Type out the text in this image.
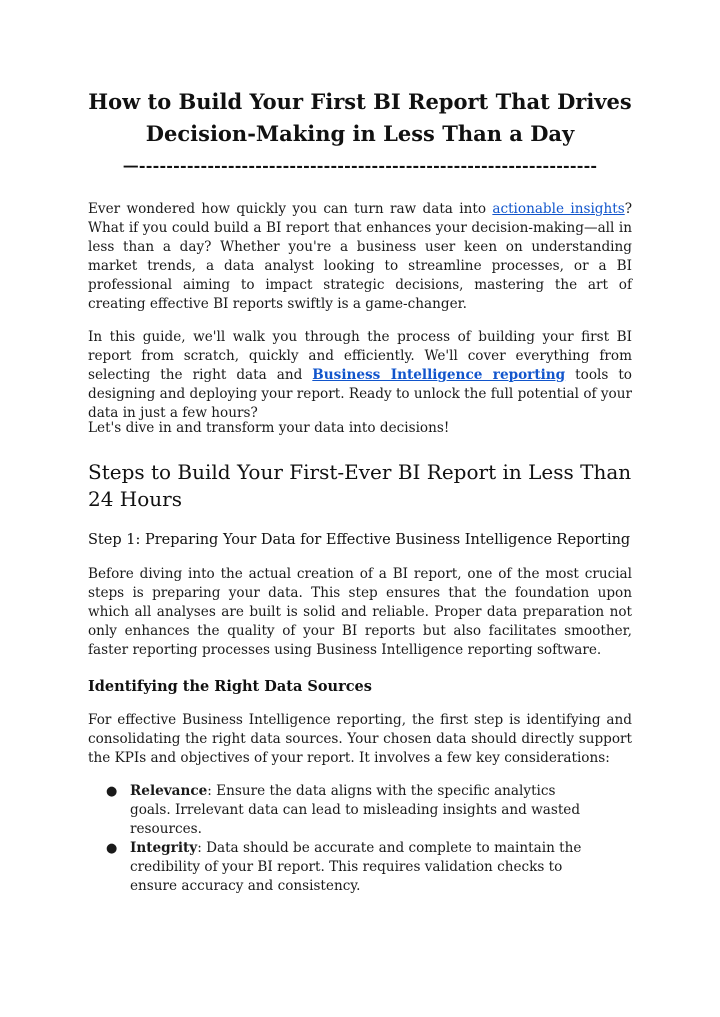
How to Build Your First BI Report That Drives Decision-Making in Less Than a Day
—-------------------------------------------------------------------

Ever wondered how quickly you can turn raw data into actionable insights? What if you could build a BI report that enhances your decision-making—all in less than a day? Whether you're a business user keen on understanding market trends, a data analyst looking to streamline processes, or a BI professional aiming to impact strategic decisions, mastering the art of creating effective BI reports swiftly is a game-changer.

In this guide, we'll walk you through the process of building your first BI report from scratch, quickly and efficiently. We'll cover everything from selecting the right data and Business Intelligence reporting tools to designing and deploying your report. Ready to unlock the full potential of your data in just a few hours?

Let's dive in and transform your data into decisions!

Steps to Build Your First-Ever BI Report in Less Than 24 Hours
Step 1: Preparing Your Data for Effective Business Intelligence Reporting

Before diving into the actual creation of a BI report, one of the most crucial steps is preparing your data. This step ensures that the foundation upon which all analyses are built is solid and reliable. Proper data preparation not only enhances the quality of your BI reports but also facilitates smoother, faster reporting processes using Business Intelligence reporting software.

Identifying the Right Data Sources

For effective Business Intelligence reporting, the first step is identifying and consolidating the right data sources. Your chosen data should directly support the KPIs and objectives of your report. It involves a few key considerations:

● Relevance: Ensure the data aligns with the specific analytics goals. Irrelevant data can lead to misleading insights and wasted resources.
● Integrity: Data should be accurate and complete to maintain the credibility of your BI report. This requires validation checks to ensure accuracy and consistency.
